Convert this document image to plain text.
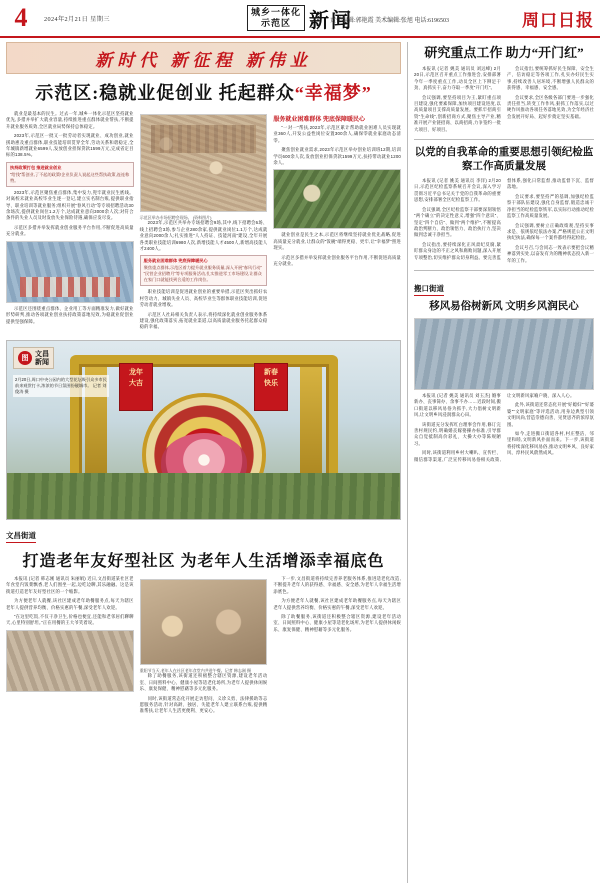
4	2024年2月21日 星期三
城乡一体化
示范区 新闻
责任编辑:郭艳霞 美术编辑:张旭 电话:6196503	周口日报
新时代 新征程 新伟业
示范区:稳就业促创业 托起群众“幸福梦”

就业是最基本的民生。过去一年,城乡一体化示范区坚持就业优先,多措并举扩大就业容量,持续推进重点群体就业帮扶,不断提升就业服务质效,全区就业局势保持总体稳定。

2023年,示范区一批又一批劳动者实现就业、成功创业,就业援助惠及重点群体,职业技能培训贯穿全年,劳动关系和谐稳定,全年城镇新增就业6599人,发放创业担保贷款1599万元,完成省定目标的138.5%。

扶持政策打包 推进就业创业
“给钱”帮创业,了不起的政策!企业负责人说起这些帮扶政策,连连称赞。

2023年,示范区聚焦重点群体,集中发力,兜牢就业民生底线。对离校未就业高校毕业生逐一登记,建立实名制台账,提供职业指导、职业培训等就业服务;组织开展“春风行动”等专项招聘活动30余场次,提供就业岗位1.2万个,达成就业意向3000余人次;对符合条件的失业人员及时发放失业保险待遇,确保应发尽发。

示范区多措并举发挥就业创业服务平台作用,不断促进高质量充分就业。

示范区还围绕重点群体、企业用工等方面精准发力,做好就业形势研判,推动各项就业创业扶持政策落地见效,为稳就业促创业提供坚强保障。

示范区举办专场招聘会现场。 (资料图片)

2023年,示范区共举办专场招聘会9场,其中,线下招聘会6场、线上招聘会3场,参与企业280余家,提供就业岗位1.1万个,达成就业意向2000余人;扎实推进“人人持证、技能河南”建设,全年开展各类职业技能培训6980人次,新增技能人才4500人,新增高技能人才2400人。

服务就业困难群体 兜底保障暖民心
聚焦重点群体,示范区着力提升就业服务质量,深入开展“春风行动”“民营企业招聘月”等专项服务活动,扎实推进零工市场建设,让群众在家门口就能找到合适的工作岗位。

职业技能培训是促进就业创业的重要举措,示范区突出抓好农村劳动力、城镇失业人员、高校毕业生等群体职业技能培训,促进劳动者就业增收。

示范区人社局相关负责人表示,将持续深化就业创业服务体系建设,强化政策落实,拓宽就业渠道,以高质量就业服务托起群众稳稳的幸福。

服务就业困难群体 兜底保障暖民心

“一对一”帮扶,2023年,示范区累计帮助就业困难人员实现就业360人,开发公益性岗位安置300余人,确保零就业家庭动态清零。

聚焦创业就业需求,2023年示范区举办创业培训班12期,培训学员600余人次,发放创业担保贷款1599万元,扶持带动就业1200余人。

就业创业是民生之本,示范区将继续坚持就业优先战略,促进高质量充分就业,让群众的“饭碗”端得更稳、更牢,让“幸福梦”照进现实。

示范区多措并举发挥就业创业服务平台作用,不断促进高质量充分就业。

龙年
大吉
新春
快乐
图 文昌
新闻
2月20日,周口中央公园内的大型花坛吸引众多市民前来观赏打卡,浓浓的节日氛围扮靓城市。 记者 刘俊涛 摄
文昌街道
打造老年友好型社区 为老年人生活增添幸福底色

本报讯 (记者 韩志刚 通讯员 朱丽娟) 近日,文昌街道某社区老年食堂内饭菜飘香,老人们围坐一起,边吃边聊,其乐融融。这是该街道打造老年友好型社区的一个缩影。

为方便老年人就餐,该社区建成老年助餐服务点,每天为辖区老年人提供营养均衡、价格实惠的午餐,深受老年人欢迎。

“在这里吃饭,不仅干净卫生,价格也便宜,还能和老邻居们聊聊天,心里特别舒坦。”正在用餐的王大爷笑着说。

重阳节当天,老年人在社区老年食堂内共进午餐。记者 韩志刚 摄

除了助餐服务,该街道还积极整合辖区资源,建设老年活动室、日间照料中心、健康小屋等适老化场所,为老年人提供休闲娱乐、康复保健、精神慰藉等多元化服务。

同时,该街道常态化开展走访慰问、义诊义剪、法律援助等志愿服务活动,针对高龄、独居、失能老年人建立联系台账,提供精准帮扶,让老年人生活更便利、更安心。

下一步,文昌街道将持续完善养老服务体系,推进适老化改造,不断提升老年人的获得感、幸福感、安全感,为老年人幸福生活增添底色。

为方便老年人就餐,该社区建成老年助餐服务点,每天为辖区老年人提供营养均衡、价格实惠的午餐,深受老年人欢迎。

除了助餐服务,该街道还积极整合辖区资源,建设老年活动室、日间照料中心、健康小屋等适老化场所,为老年人提供休闲娱乐、康复保健、精神慰藉等多元化服务。

研究重点工作 助力“开门红”

本报讯 (记者 姚美 通讯员 刘远峰) 2月20日,示范区召开重点工作推进会,安排部署今年一季度重点工作,动员全区上下铆足干劲、真抓实干,奋力夺取一季度“开门红”。

会议强调,要坚持项目为王,紧盯重点项目建设,强化要素保障,加快项目建设进度,以高质量项目支撑高质量发展。要抓牢招商引资“生命线”,创新招商方式,聚焦主导产业,精准开展产业链招商、以商招商,力争签约一批大项目、好项目。

会议指出,要统筹抓好民生保障、安全生产、信访稳定等各项工作,扎实办好民生实事,持续改善人居环境,不断增强人民群众的获得感、幸福感、安全感。

会议要求,全区各级各部门要进一步强化责任担当,转变工作作风,狠抓工作落实,以过硬作风推动各项任务落地见效,为全年经济社会发展开好局、起好步奠定坚实基础。

以党的自我革命的重要思想引领纪检监察工作高质量发展

本报讯 (记者 姚美 通讯员 李洋) 2月20日,示范区纪检监察系统召开会议,深入学习贯彻习近平总书记关于党的自我革命的重要思想,安排部署全区纪检监察工作。

会议强调,全区纪检监察干部要深刻领悟“两个确立”的决定性意义,增强“四个意识”、坚定“四个自信”、做到“两个维护”,不断提高政治判断力、政治领悟力、政治执行力,坚决做到忠诚干净担当。

会议指出,要持续深化正风肃纪反腐,紧盯群众身边的不正之风和腐败问题,深入开展专项整治,切实维护群众切身利益。要完善监督体系,强化日常监督,推动监督下沉、监督落地。

会议要求,要坚持严的基调,加强纪检监察干部队伍建设,强化自身监督,锻造忠诚干净担当的纪检监察铁军,以实际行动推动纪检监察工作高质量发展。

会议强调,要树立正确政绩观,坚持实事求是、依规依纪依法办案,严格规范公正文明执纪执法,确保每一个案件都经得起检验。

会议号召,与会同志一致表示要把会议精神落到实处,以奋发有为的精神状态投入新一年的工作。

搬口街道
移风易俗树新风 文明乡风润民心

本报讯 (记者 姚美 通讯员 刘玉杰) 婚事新办、丧事简办、余事不办……近段时间,搬口街道以移风易俗为抓手,大力倡树文明新风,让文明乡风浸润群众心田。

该街道充分发挥红白理事会作用,修订完善村规民约,明确婚丧嫁娶操办标准,引导群众自觉抵制高价彩礼、大操大办等陈规陋习。

同时,该街道利用乡村大喇叭、宣传栏、微信群等渠道,广泛宣传移风易俗相关政策,让文明新风家喻户晓、深入人心。

此外,该街道还常态化开展“好媳妇”“好婆婆”“文明家庭”等评选活动,用身边典型引领文明风尚,营造崇德向善、见贤思齐的浓厚氛围。

如今,走进搬口街道各村,村庄整洁、邻里和睦,文明新风扑面而来。下一步,该街道将持续深化移风易俗,推动文明乡风、良好家风、淳朴民风蔚然成风。
